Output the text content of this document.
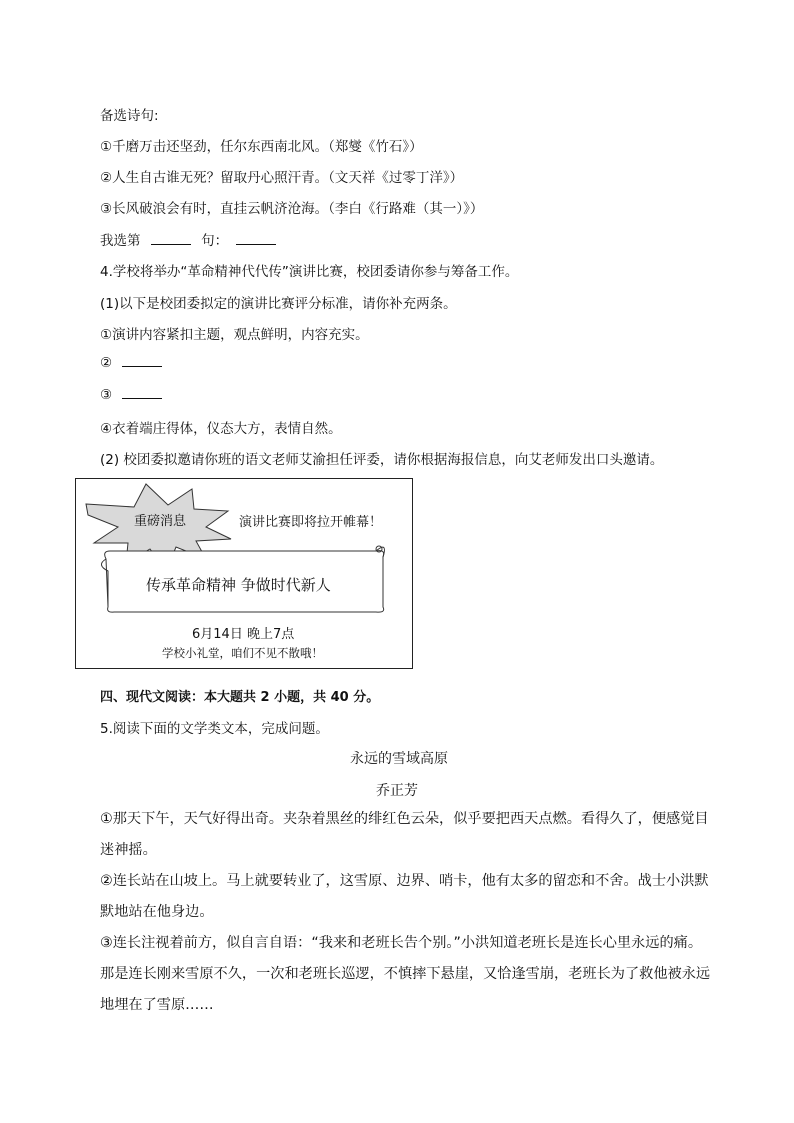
备选诗句:
①千磨万击还坚劲，任尔东西南北风。（郑燮《竹石》）
②人生自古谁无死？留取丹心照汗青。（文天祥《过零丁洋》）
③长风破浪会有时，直挂云帆济沧海。（李白《行路难（其一）》）
我选第	句：
4.学校将举办“革命精神代代传”演讲比赛，校团委请你参与筹备工作。
(1)以下是校团委拟定的演讲比赛评分标准，请你补充两条。
①演讲内容紧扣主题，观点鲜明，内容充实。
②
③
④衣着端庄得体，仪态大方，表情自然。
(2) 校团委拟邀请你班的语文老师艾渝担任评委，请你根据海报信息，向艾老师发出口头邀请。
重磅消息	演讲比赛即将拉开帷幕！
传承革命精神 争做时代新人
6月14日 晚上7点
学校小礼堂，咱们不见不散哦！
四、现代文阅读：本大题共 2 小题，共 40 分。
5.阅读下面的文学类文本，完成问题。
永远的雪域高原
乔正芳
①那天下午，天气好得出奇。夹杂着黑丝的绯红色云朵，似乎要把西天点燃。看得久了，便感觉目迷神摇。
②连长站在山坡上。马上就要转业了，这雪原、边界、哨卡，他有太多的留恋和不舍。战士小洪默默地站在他身边。
③连长注视着前方，似自言自语：“我来和老班长告个别。”小洪知道老班长是连长心里永远的痛。那是连长刚来雪原不久，一次和老班长巡逻，不慎摔下悬崖，又恰逢雪崩，老班长为了救他被永远地埋在了雪原……
